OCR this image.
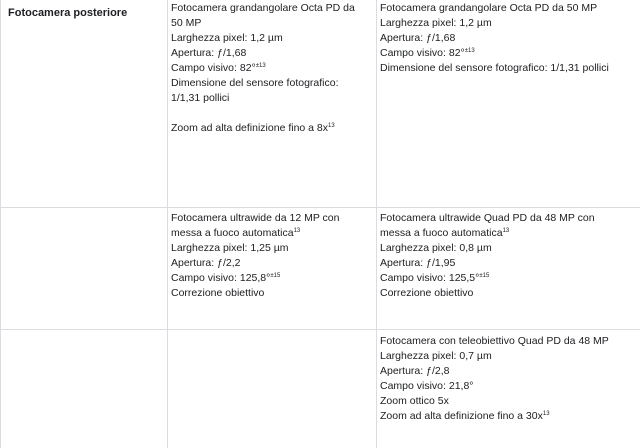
Fotocamera posteriore	Fotocamera grandangolare Octa PD da
50 MP
Larghezza pixel: 1,2 µm
Apertura: ƒ/1,68
Campo visivo: 82°$^{\pm 13}$
Dimensione del sensore fotografico:
1/1,31 pollici
Zoom ad alta definizione fino a $8x^{13}$
Fotocamera grandangolare Octa PD da 50 MP
Larghezza pixel: 1,2 µm
Apertura: ƒ/1,68
Campo visivo: 82°$^{\pm 13}$
Dimensione del sensore fotografico: 1/1,31 pollici
Fotocamera ultrawide da 12 MP con
messa a fuoco automatica$^{13}$
Larghezza pixel: 1,25 µm
Apertura: ƒ/2,2
Campo visivo: 125,8°$^{\pm 15}$
Correzione obiettivo
Fotocamera ultrawide Quad PD da 48 MP con
messa a fuoco automatica$^{13}$
Larghezza pixel: 0,8 µm
Apertura: ƒ/1,95
Campo visivo: 125,5°$^{\pm 15}$
Correzione obiettivo
Fotocamera con teleobiettivo Quad PD da 48 MP
Larghezza pixel: 0,7 µm
Apertura: ƒ/2,8
Campo visivo: 21,8°
Zoom ottico 5x
Zoom ad alta definizione fino a $30x^{13}$
